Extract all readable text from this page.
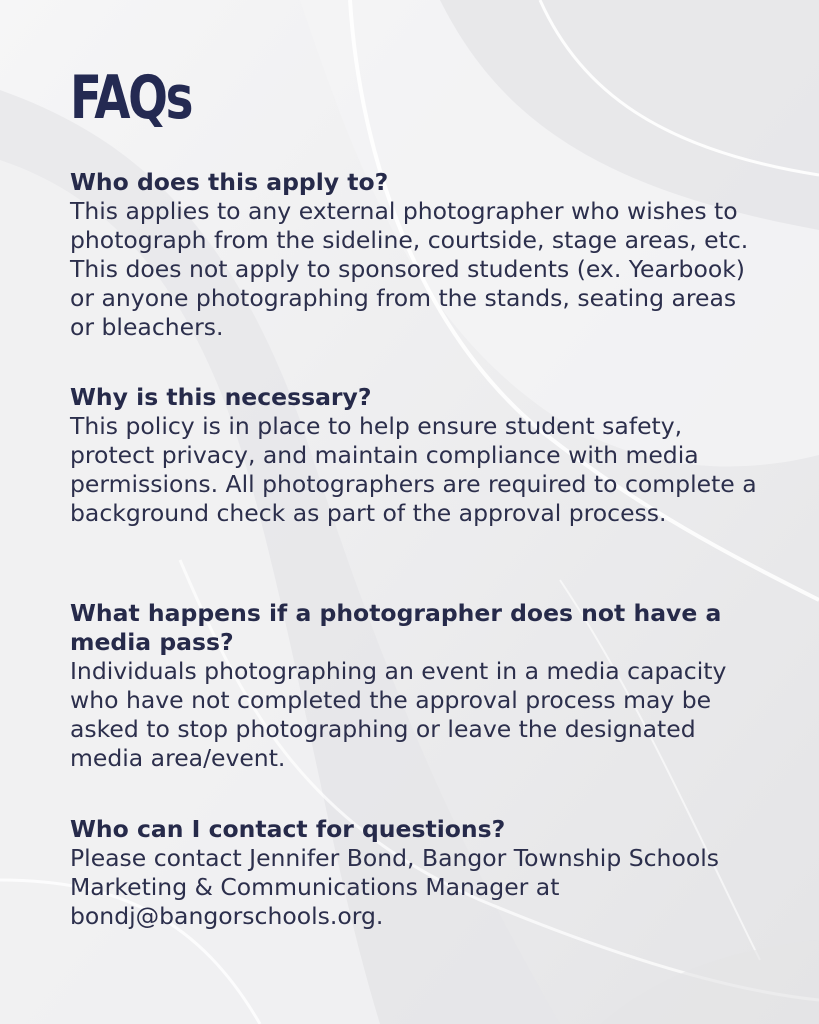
FAQs

Who does this apply to?

This applies to any external photographer who wishes to photograph from the sideline, courtside, stage areas, etc. This does not apply to sponsored students (ex. Yearbook) or anyone photographing from the stands, seating areas or bleachers.

Why is this necessary?

This policy is in place to help ensure student safety, protect privacy, and maintain compliance with media permissions. All photographers are required to complete a background check as part of the approval process.

What happens if a photographer does not have a media pass?

Individuals photographing an event in a media capacity who have not completed the approval process may be asked to stop photographing or leave the designated media area/event.

Who can I contact for questions?

Please contact Jennifer Bond, Bangor Township Schools Marketing & Communications Manager at bondj@bangorschools.org.
